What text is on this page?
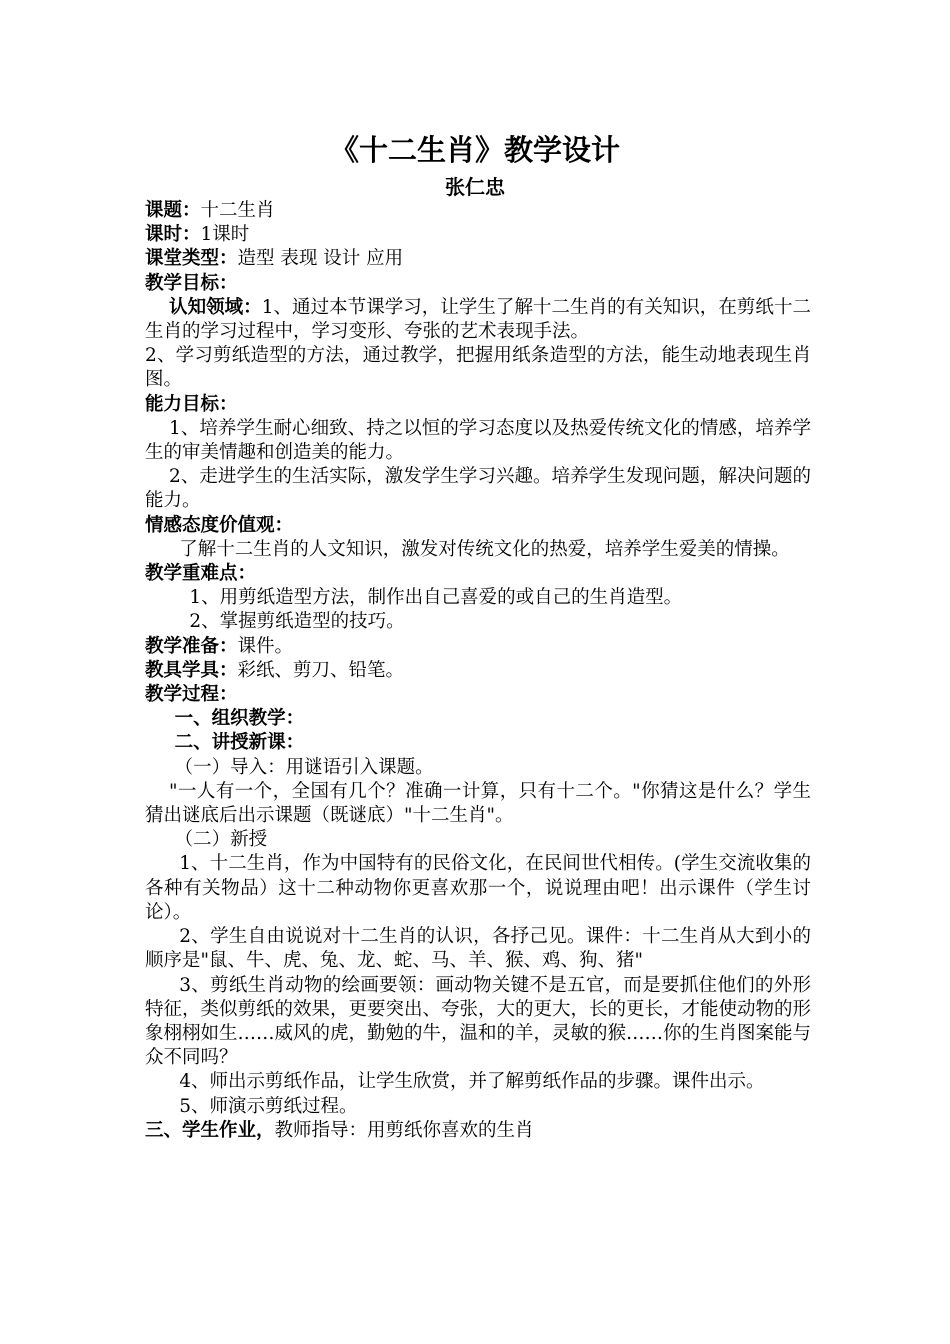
《十二生肖》教学设计
张仁忠

课题：十二生肖

课时：1课时

课堂类型：造型 表现 设计 应用

教学目标：

认知领域：1、通过本节课学习，让学生了解十二生肖的有关知识，在剪纸十二生肖的学习过程中，学习变形、夸张的艺术表现手法。

2、学习剪纸造型的方法，通过教学，把握用纸条造型的方法，能生动地表现生肖图。

能力目标：

1、培养学生耐心细致、持之以恒的学习态度以及热爱传统文化的情感，培养学生的审美情趣和创造美的能力。

2、走进学生的生活实际，激发学生学习兴趣。培养学生发现问题，解决问题的能力。

情感态度价值观：

了解十二生肖的人文知识，激发对传统文化的热爱，培养学生爱美的情操。

教学重难点：

1、用剪纸造型方法，制作出自己喜爱的或自己的生肖造型。

2、掌握剪纸造型的技巧。

教学准备：课件。

教具学具：彩纸、剪刀、铅笔。

教学过程：

一、组织教学：

二、讲授新课：

（一）导入：用谜语引入课题。

"一人有一个，全国有几个？准确一计算，只有十二个。"你猜这是什么？学生猜出谜底后出示课题（既谜底）"十二生肖"。

（二）新授

1、十二生肖，作为中国特有的民俗文化，在民间世代相传。(学生交流收集的各种有关物品）这十二种动物你更喜欢那一个，说说理由吧！出示课件（学生讨论）。

2、学生自由说说对十二生肖的认识，各抒己见。课件：十二生肖从大到小的顺序是"鼠、牛、虎、兔、龙、蛇、马、羊、猴、鸡、狗、猪"

3、剪纸生肖动物的绘画要领：画动物关键不是五官，而是要抓住他们的外形特征，类似剪纸的效果，更要突出、夸张，大的更大，长的更长，才能使动物的形象栩栩如生……威风的虎，勤勉的牛，温和的羊，灵敏的猴……你的生肖图案能与众不同吗？

4、师出示剪纸作品，让学生欣赏，并了解剪纸作品的步骤。课件出示。

5、师演示剪纸过程。

三、学生作业，教师指导：用剪纸你喜欢的生肖
